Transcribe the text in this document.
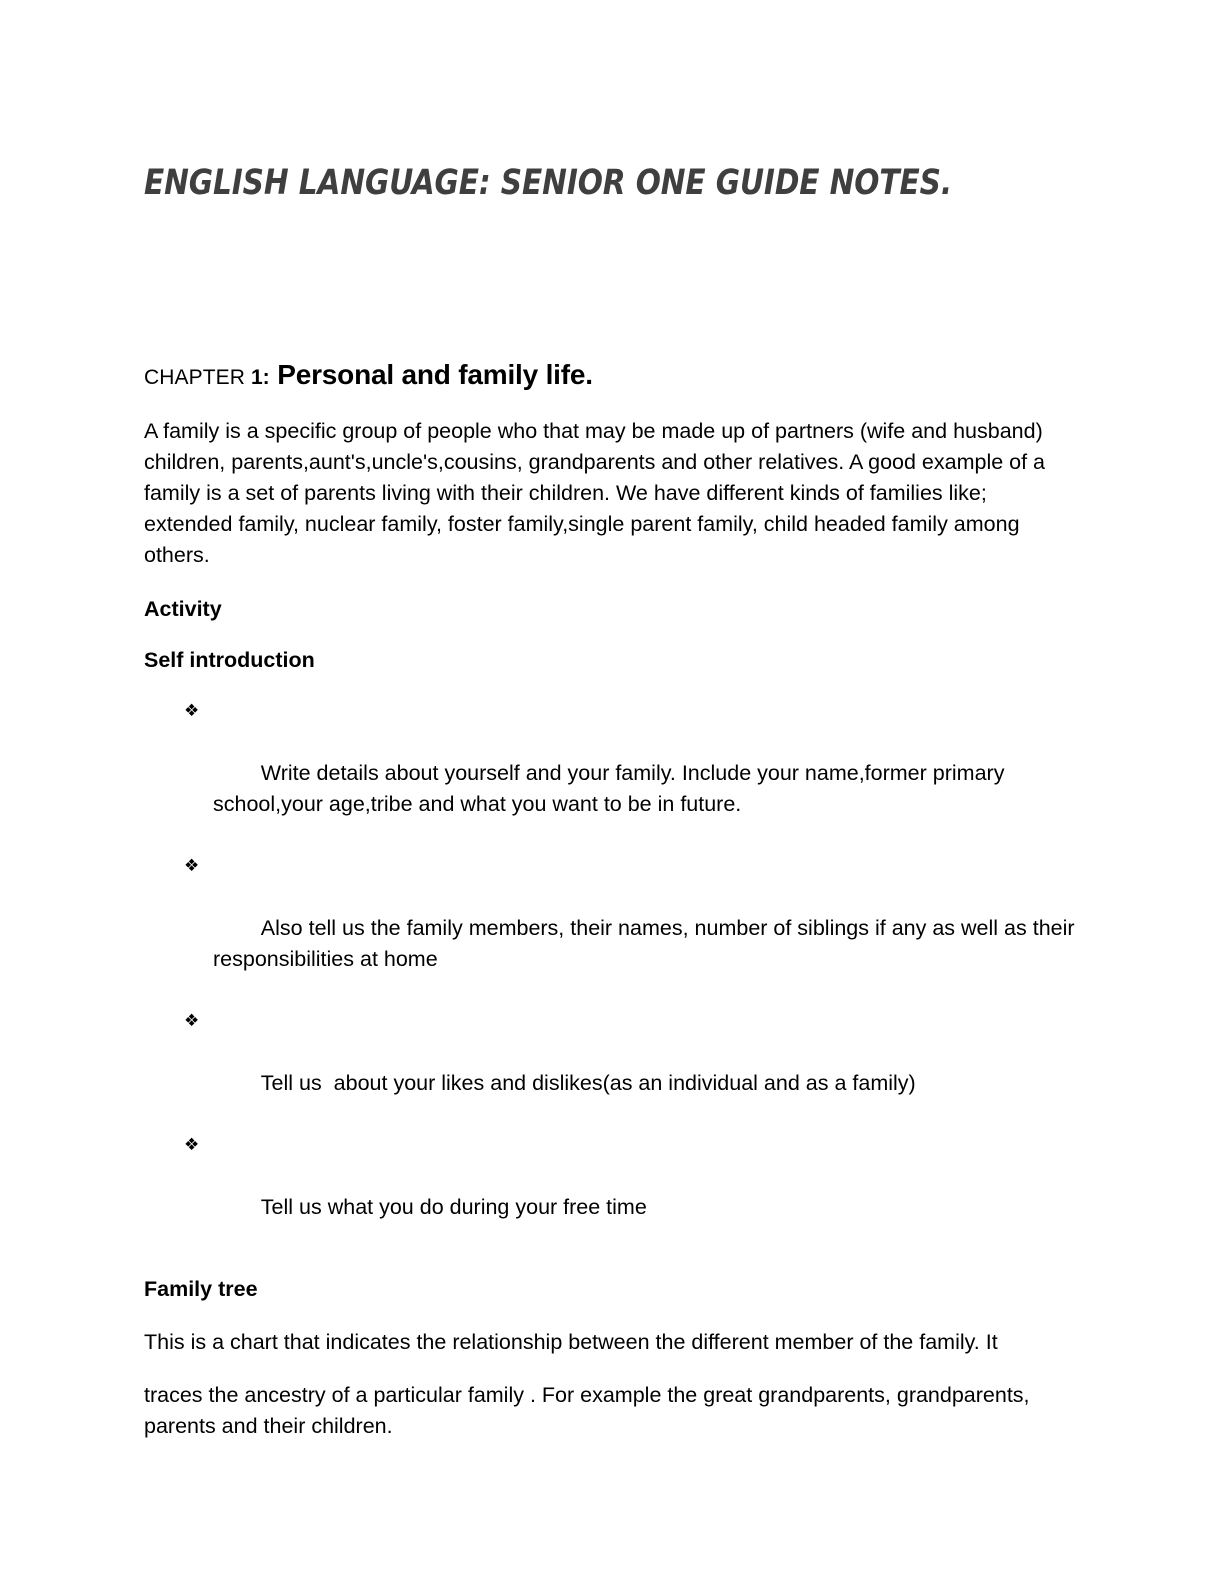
ENGLISH LANGUAGE: SENIOR ONE GUIDE NOTES.
CHAPTER 1: Personal and family life.

A family is a specific group of people who that may be made up of partners (wife and husband) children, parents,aunt's,uncle's,cousins, grandparents and other relatives. A good example of a family is a set of parents living with their children. We have different kinds of families like; extended family, nuclear family, foster family,single parent family, child headed family among others.

Activity

Self introduction

❖

Write details about yourself and your family. Include your name,former primary school,your age,tribe and what you want to be in future.

❖

Also tell us the family members, their names, number of siblings if any as well as their responsibilities at home

❖

Tell us  about your likes and dislikes(as an individual and as a family)

❖

Tell us what you do during your free time

Family tree

This is a chart that indicates the relationship between the different member of the family. It

traces the ancestry of a particular family . For example the great grandparents, grandparents, parents and their children.
